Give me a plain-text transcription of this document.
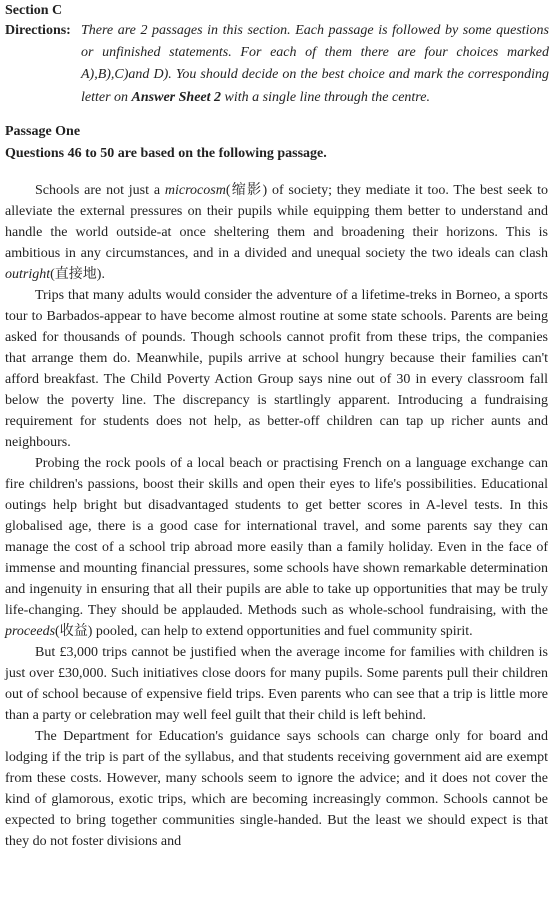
Section C
Directions: There are 2 passages in this section. Each passage is followed by some questions or unfinished statements. For each of them there are four choices marked A),B),C)and D). You should decide on the best choice and mark the corresponding letter on Answer Sheet 2 with a single line through the centre.
Passage One
Questions 46 to 50 are based on the following passage.

Schools are not just a microcosm(缩影) of society; they mediate it too. The best seek to alleviate the external pressures on their pupils while equipping them better to understand and handle the world outside-at once sheltering them and broadening their horizons. This is ambitious in any circumstances, and in a divided and unequal society the two ideals can clash outright(直接地).

Trips that many adults would consider the adventure of a lifetime-treks in Borneo, a sports tour to Barbados-appear to have become almost routine at some state schools. Parents are being asked for thousands of pounds. Though schools cannot profit from these trips, the companies that arrange them do. Meanwhile, pupils arrive at school hungry because their families can't afford breakfast. The Child Poverty Action Group says nine out of 30 in every classroom fall below the poverty line. The discrepancy is startlingly apparent. Introducing a fundraising requirement for students does not help, as better-off children can tap up richer aunts and neighbours.

Probing the rock pools of a local beach or practising French on a language exchange can fire children's passions, boost their skills and open their eyes to life's possibilities. Educational outings help bright but disadvantaged students to get better scores in A-level tests. In this globalised age, there is a good case for international travel, and some parents say they can manage the cost of a school trip abroad more easily than a family holiday. Even in the face of immense and mounting financial pressures, some schools have shown remarkable determination and ingenuity in ensuring that all their pupils are able to take up opportunities that may be truly life-changing. They should be applauded. Methods such as whole-school fundraising, with the proceeds(收益) pooled, can help to extend opportunities and fuel community spirit.

But £3,000 trips cannot be justified when the average income for families with children is just over £30,000. Such initiatives close doors for many pupils. Some parents pull their children out of school because of expensive field trips. Even parents who can see that a trip is little more than a party or celebration may well feel guilt that their child is left behind.

The Department for Education's guidance says schools can charge only for board and lodging if the trip is part of the syllabus, and that students receiving government aid are exempt from these costs. However, many schools seem to ignore the advice; and it does not cover the kind of glamorous, exotic trips, which are becoming increasingly common. Schools cannot be expected to bring together communities single-handed. But the least we should expect is that they do not foster divisions and
